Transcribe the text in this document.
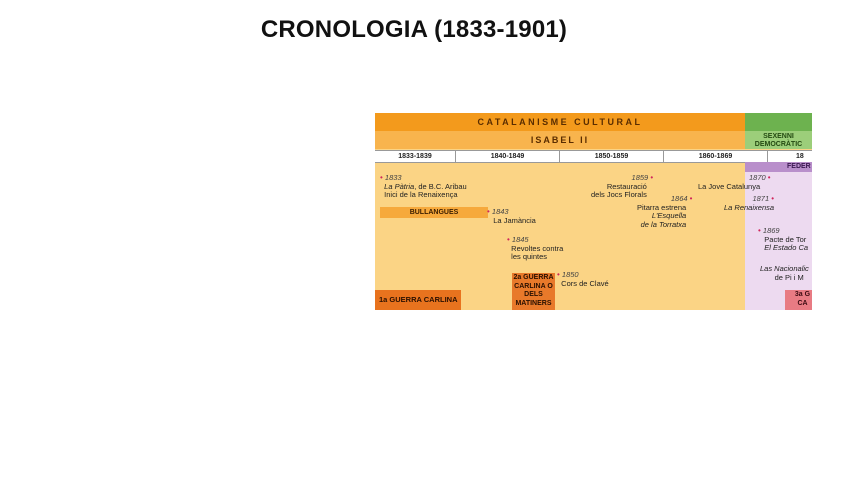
CRONOLOGIA (1833-1901)
CATALANISME CULTURAL
ISABEL II	SEXENNI DEMOCRÀTIC
1833-1839	1840-1849	1850-1859	1860-1869	18
FEDER
• 1833
La Pàtria, de B.C. Aribau
Inici de la Renaixença
BULLANGUES	• 1843
La Jamància
• 1845
Revoltes contra
les quintes
• 1850
Cors de Clavé
1859 •
Restauració
dels Jocs Florals	1864 •
Pitarra estrena
L'Esquella
de la Torratxa
La Jove Catalunya
1870 •
1871 •
La Renaixensa
• 1869
Pacte de Tor
El Estado Ca
Las Nacionalic
de Pi i M
1a GUERRA CARLINA
2a GUERRA CARLINA O DELS MATINERS
3a G CA
